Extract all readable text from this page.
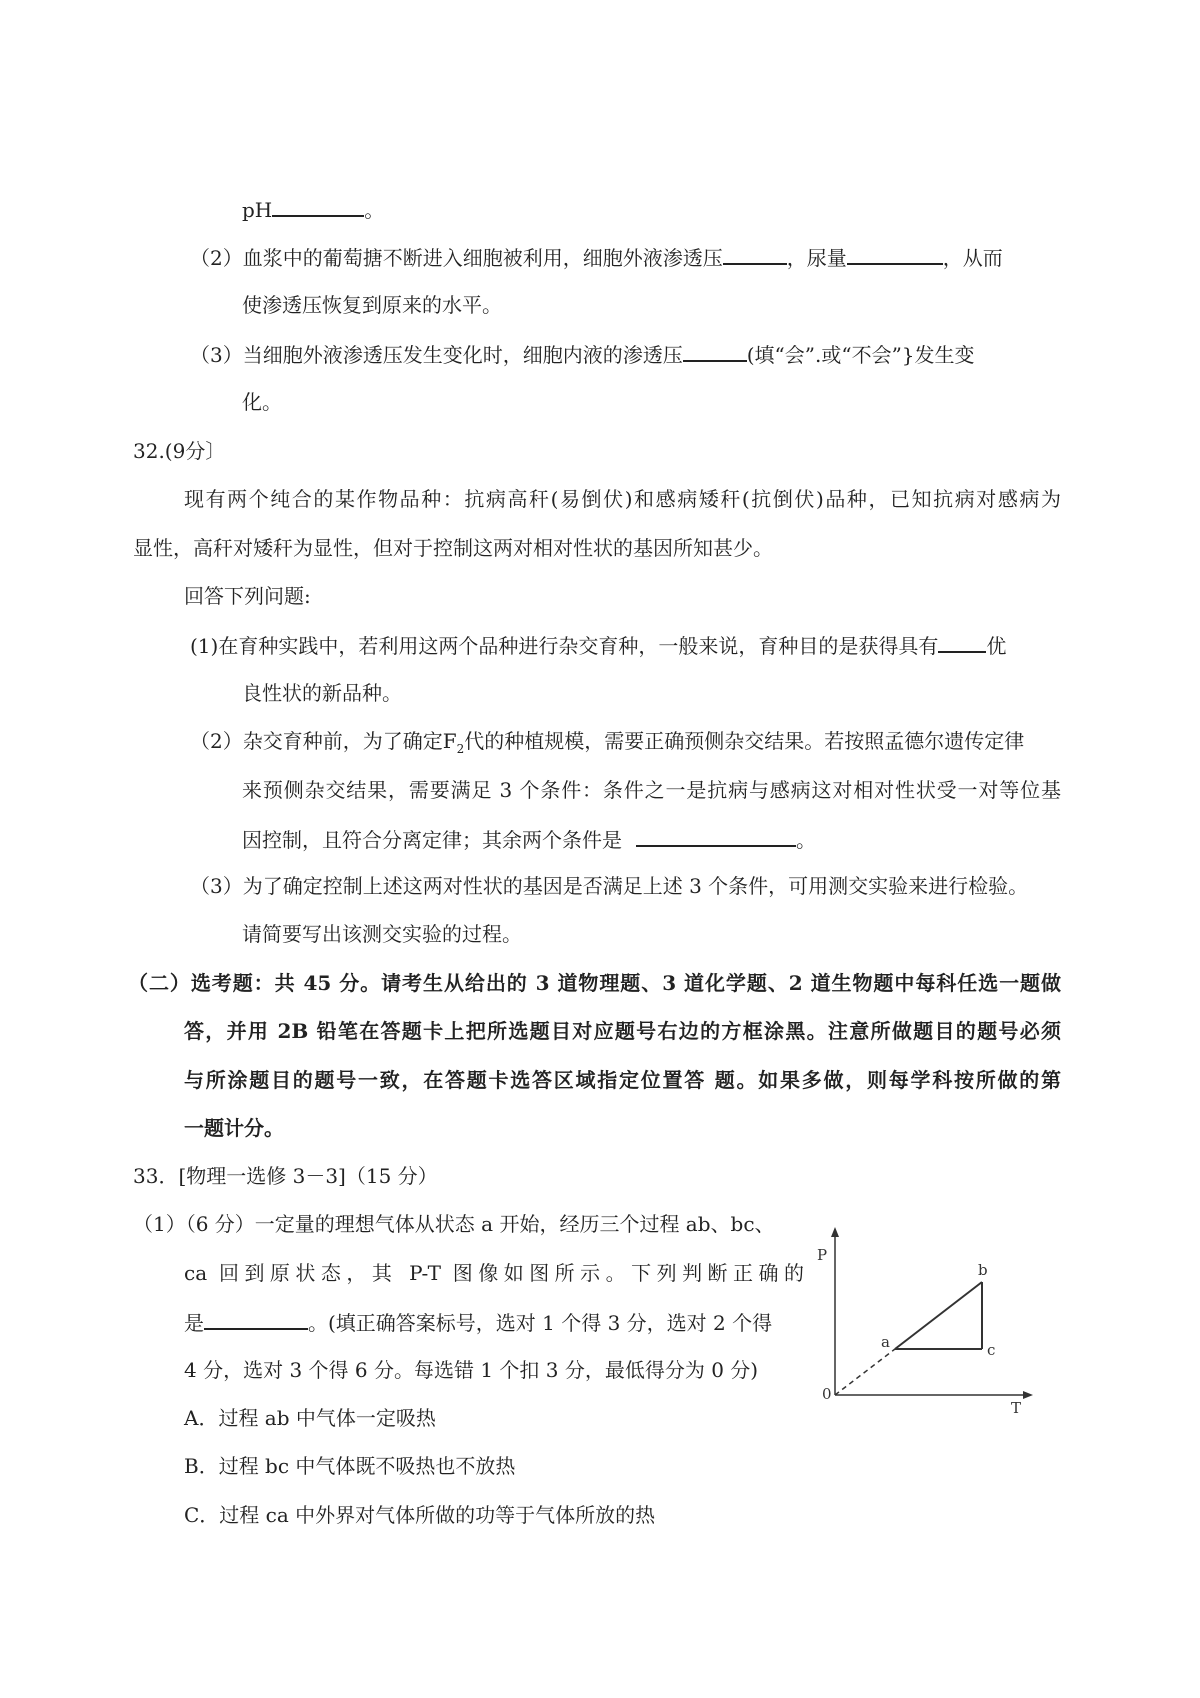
pH	。
（2）血浆中的葡萄搪不断进入细胞被利用，细胞外液渗透压	，尿量	，从而
使渗透压恢复到原来的水平。
（3）当细胞外液渗透压发生变化时，细胞内液的渗透压	(填“会”.或“不会”}发生变
化。
32.(9分〕
现有两个纯合的某作物品种：抗病高秆(易倒伏)和感病矮秆(抗倒伏)品种，已知抗病对感病为
显性，高秆对矮秆为显性，但对于控制这两对相对性状的基因所知甚少。
回答下列问题:
(1)在育种实践中，若利用这两个品种进行杂交育种，一般来说，育种目的是获得具有 优
良性状的新品种。
（2）杂交育种前，为了确定$F_2$代的种植规模，需要正确预侧杂交结果。若按照孟德尔遗传定律
来预侧杂交结果，需要满足 3 个条件：条件之一是抗病与感病这对相对性状受一对等位基
因控制，且符合分离定律；其余两个条件是	。
（3）为了确定控制上述这两对性状的基因是否满足上述 3 个条件，可用测交实验来进行检验。
请简要写出该测交实验的过程。
（二）选考题：共 45 分。请考生从给出的 3 道物理题、3 道化学题、2 道生物题中每科任选一题做
答，并用 2B 铅笔在答题卡上把所选题目对应题号右边的方框涂黑。注意所做题目的题号必须
与所涂题目的题号一致，在答题卡选答区域指定位置答 题。如果多做，则每学科按所做的第
一题计分。
33．[物理一选修 3－3]（15 分）
（1）（6 分）一定量的理想气体从状态 a 开始，经历三个过程 ab、bc、
ca 回到原状态，其 P-T 图像如图所示。下列判断正确的
是	。(填正确答案标号，选对 1 个得 3 分，选对 2 个得
4 分，选对 3 个得 6 分。每选错 1 个扣 3 分，最低得分为 0 分)
A．过程 ab 中气体一定吸热
B．过程 bc 中气体既不吸热也不放热
C．过程 ca 中外界对气体所做的功等于气体所放的热
P
T
0
a
b
c
